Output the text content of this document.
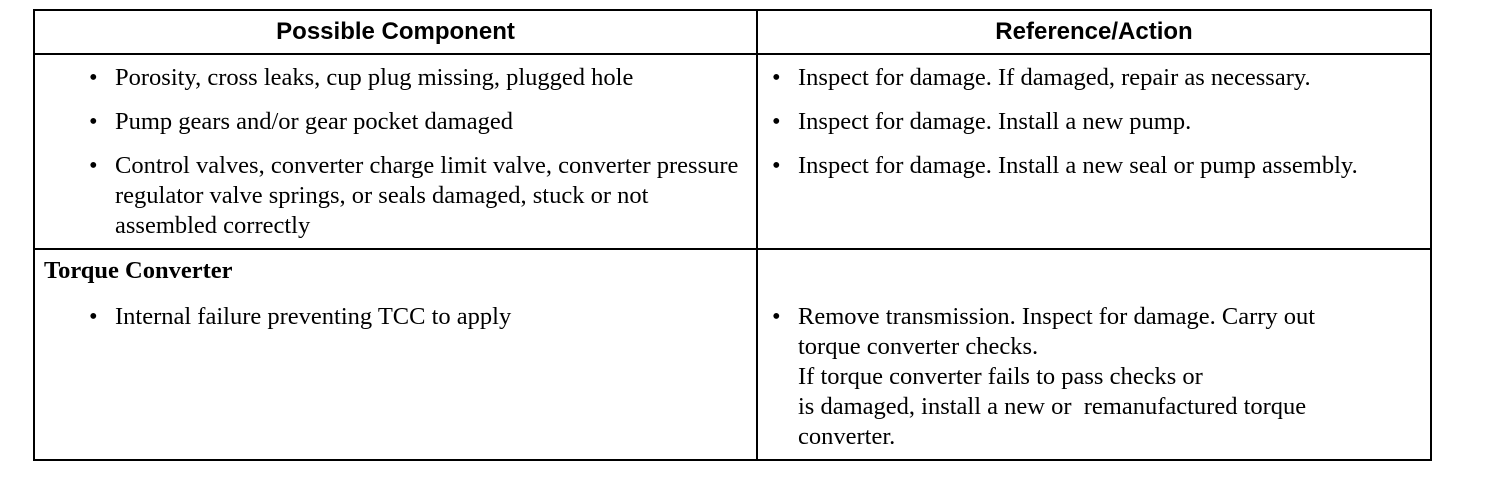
Possible Component	Reference/Action
• Porosity, cross leaks, cup plug missing, plugged hole
• Pump gears and/or gear pocket damaged
• Control valves, converter charge limit valve, converter pressure regulator valve springs, or seals damaged, stuck or not assembled correctly
• Inspect for damage. If damaged, repair as necessary.
• Inspect for damage. Install a new pump.
• Inspect for damage. Install a new seal or pump assembly.
Torque Converter
• Internal failure preventing TCC to apply	• Remove transmission. Inspect for damage. Carry out
torque converter checks.
If torque converter fails to pass checks or
is damaged, install a new or  remanufactured torque
converter.
